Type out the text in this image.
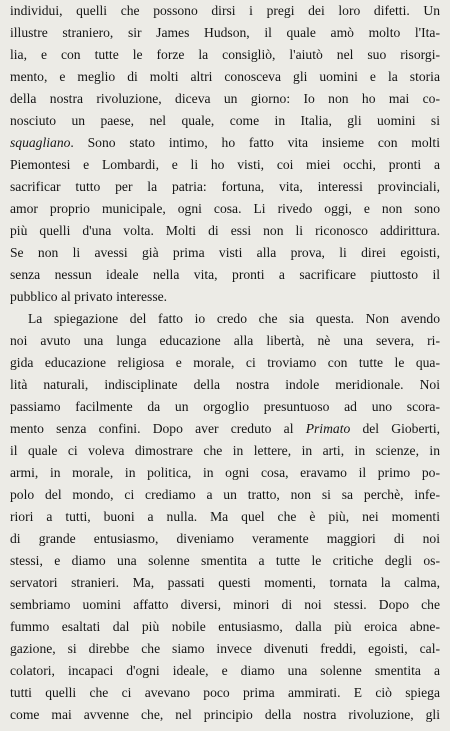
individui, quelli che possono dirsi i pregi dei loro difetti. Un
illustre straniero, sir James Hudson, il quale amò molto l'Ita-
lia, e con tutte le forze la consigliò, l'aiutò nel suo risorgi-
mento, e meglio di molti altri conosceva gli uomini e la storia
della nostra rivoluzione, diceva un giorno: Io non ho mai co-
nosciuto un paese, nel quale, come in Italia, gli uomini si
squagliano. Sono stato intimo, ho fatto vita insieme con molti
Piemontesi e Lombardi, e li ho visti, coi miei occhi, pronti a
sacrificar tutto per la patria: fortuna, vita, interessi provinciali,
amor proprio municipale, ogni cosa. Li rivedo oggi, e non sono
più quelli d'una volta. Molti di essi non li riconosco addirittura.
Se non li avessi già prima visti alla prova, li direi egoisti,
senza nessun ideale nella vita, pronti a sacrificare piuttosto il
pubblico al privato interesse.
La spiegazione del fatto io credo che sia questa. Non avendo
noi avuto una lunga educazione alla libertà, nè una severa, ri-
gida educazione religiosa e morale, ci troviamo con tutte le qua-
lità naturali, indisciplinate della nostra indole meridionale. Noi
passiamo facilmente da un orgoglio presuntuoso ad uno scora-
mento senza confini. Dopo aver creduto al Primato del Gioberti,
il quale ci voleva dimostrare che in lettere, in arti, in scienze, in
armi, in morale, in politica, in ogni cosa, eravamo il primo po-
polo del mondo, ci crediamo a un tratto, non si sa perchè, infe-
riori a tutti, buoni a nulla. Ma quel che è più, nei momenti
di grande entusiasmo, diveniamo veramente maggiori di noi
stessi, e diamo una solenne smentita a tutte le critiche degli os-
servatori stranieri. Ma, passati questi momenti, tornata la calma,
sembriamo uomini affatto diversi, minori di noi stessi. Dopo che
fummo esaltati dal più nobile entusiasmo, dalla più eroica abne-
gazione, si direbbe che siamo invece divenuti freddi, egoisti, cal-
colatori, incapaci d'ogni ideale, e diamo una solenne smentita a
tutti quelli che ci avevano poco prima ammirati. E ciò spiega
come mai avvenne che, nel principio della nostra rivoluzione, gli
